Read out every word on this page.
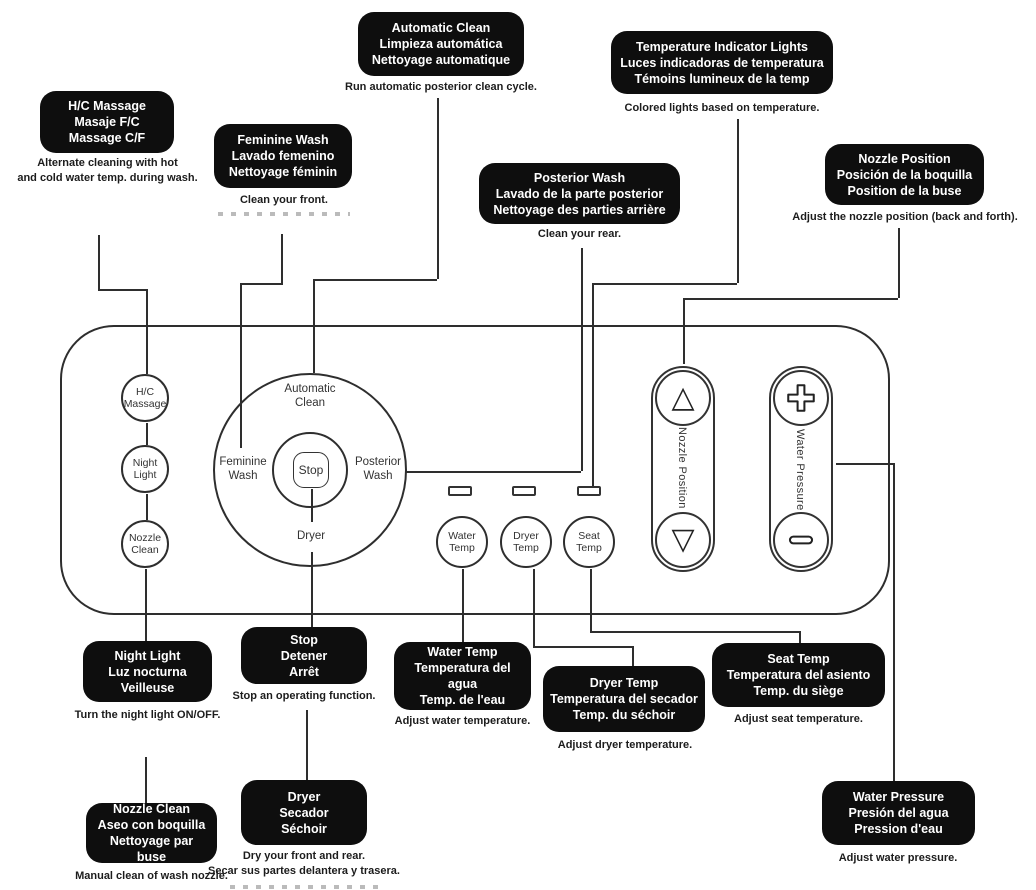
H/C
Massage
Night
Light
Nozzle
Clean
Stop
Automatic
Clean
Feminine
Wash
Posterior
Wash
Dryer	Water
Temp
Dryer
Temp
Seat
Temp
△
▽
Nozzle Position	Water Pressure
H/C Massage
Masaje F/C
Massage C/F
Alternate cleaning with hot
and cold water temp. during wash.
Feminine Wash
Lavado femenino
Nettoyage féminin
Clean your front.
Automatic Clean
Limpieza automática
Nettoyage automatique
Run automatic posterior clean cycle.
Temperature Indicator Lights
Luces indicadoras de temperatura
Témoins lumineux de la temp
Colored lights based on temperature.
Posterior Wash
Lavado de la parte posterior
Nettoyage des parties arrière
Clean your rear.
Nozzle Position
Posición de la boquilla
Position de la buse
Adjust the nozzle position (back and forth).
Night Light
Luz nocturna
Veilleuse
Turn the night light ON/OFF.
Stop
Detener
Arrêt
Stop an operating function.
Water Temp
Temperatura del agua
Temp. de l'eau
Adjust water temperature.
Dryer Temp
Temperatura del secador
Temp. du séchoir
Adjust dryer temperature.
Seat Temp
Temperatura del asiento
Temp. du siège
Adjust seat temperature.
Nozzle Clean
Aseo con boquilla
Nettoyage par buse
Manual clean of wash nozzle.
Dryer
Secador
Séchoir
Dry your front and rear.
Secar sus partes delantera y trasera.
Water Pressure
Presión del agua
Pression d'eau
Adjust water pressure.
